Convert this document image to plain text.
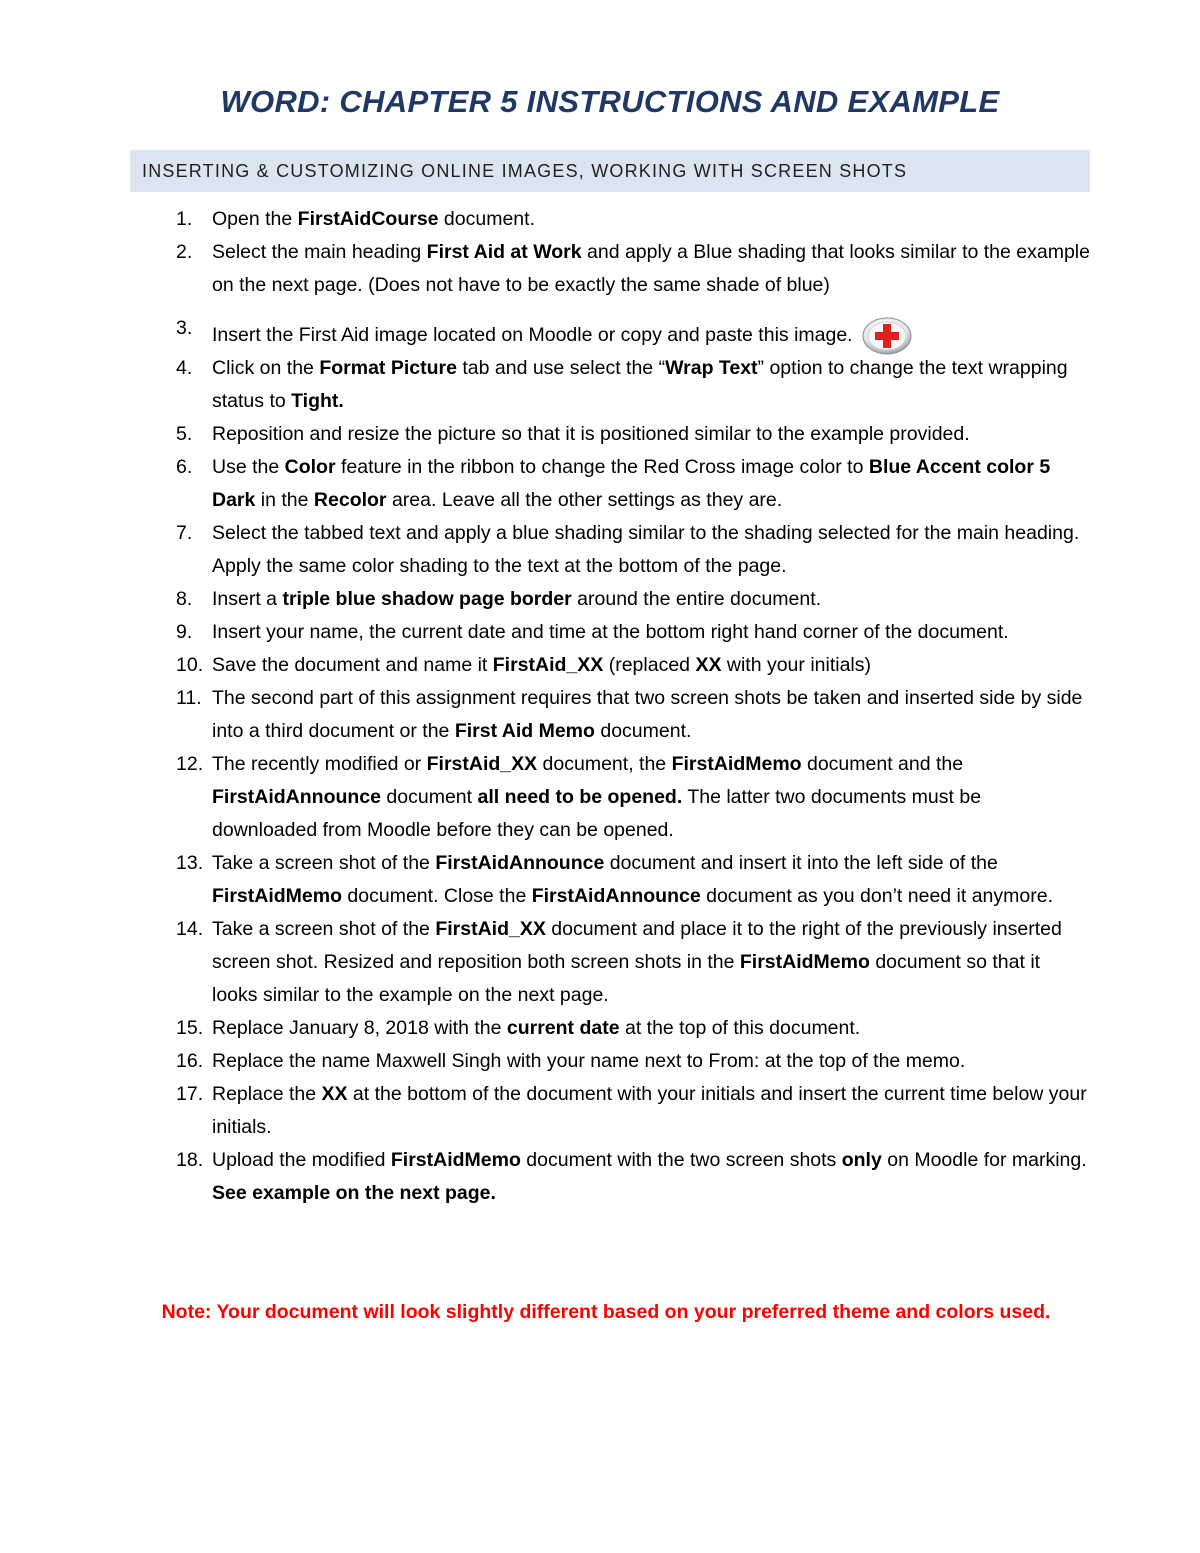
WORD: CHAPTER 5 INSTRUCTIONS AND EXAMPLE
INSERTING & CUSTOMIZING ONLINE IMAGES, WORKING WITH SCREEN SHOTS
1. Open the FirstAidCourse document.
2. Select the main heading First Aid at Work and apply a Blue shading that looks similar to the example on the next page. (Does not have to be exactly the same shade of blue)
3. Insert the First Aid image located on Moodle or copy and paste this image.
4. Click on the Format Picture tab and use select the “Wrap Text” option to change the text wrapping status to Tight.
5. Reposition and resize the picture so that it is positioned similar to the example provided.
6. Use the Color feature in the ribbon to change the Red Cross image color to Blue Accent color 5 Dark in the Recolor area. Leave all the other settings as they are.
7. Select the tabbed text and apply a blue shading similar to the shading selected for the main heading. Apply the same color shading to the text at the bottom of the page.
8. Insert a triple blue shadow page border around the entire document.
9. Insert your name, the current date and time at the bottom right hand corner of the document.
10. Save the document and name it FirstAid_XX (replaced XX with your initials)
11. The second part of this assignment requires that two screen shots be taken and inserted side by side into a third document or the First Aid Memo document.
12. The recently modified or FirstAid_XX document, the FirstAidMemo document and the FirstAidAnnounce document all need to be opened. The latter two documents must be downloaded from Moodle before they can be opened.
13. Take a screen shot of the FirstAidAnnounce document and insert it into the left side of the FirstAidMemo document. Close the FirstAidAnnounce document as you don’t need it anymore.
14. Take a screen shot of the FirstAid_XX document and place it to the right of the previously inserted screen shot. Resized and reposition both screen shots in the FirstAidMemo document so that it looks similar to the example on the next page.
15. Replace January 8, 2018 with the current date at the top of this document.
16. Replace the name Maxwell Singh with your name next to From: at the top of the memo.
17. Replace the XX at the bottom of the document with your initials and insert the current time below your initials.
18. Upload the modified FirstAidMemo document with the two screen shots only on Moodle for marking. See example on the next page.
Note: Your document will look slightly different based on your preferred theme and colors used.
